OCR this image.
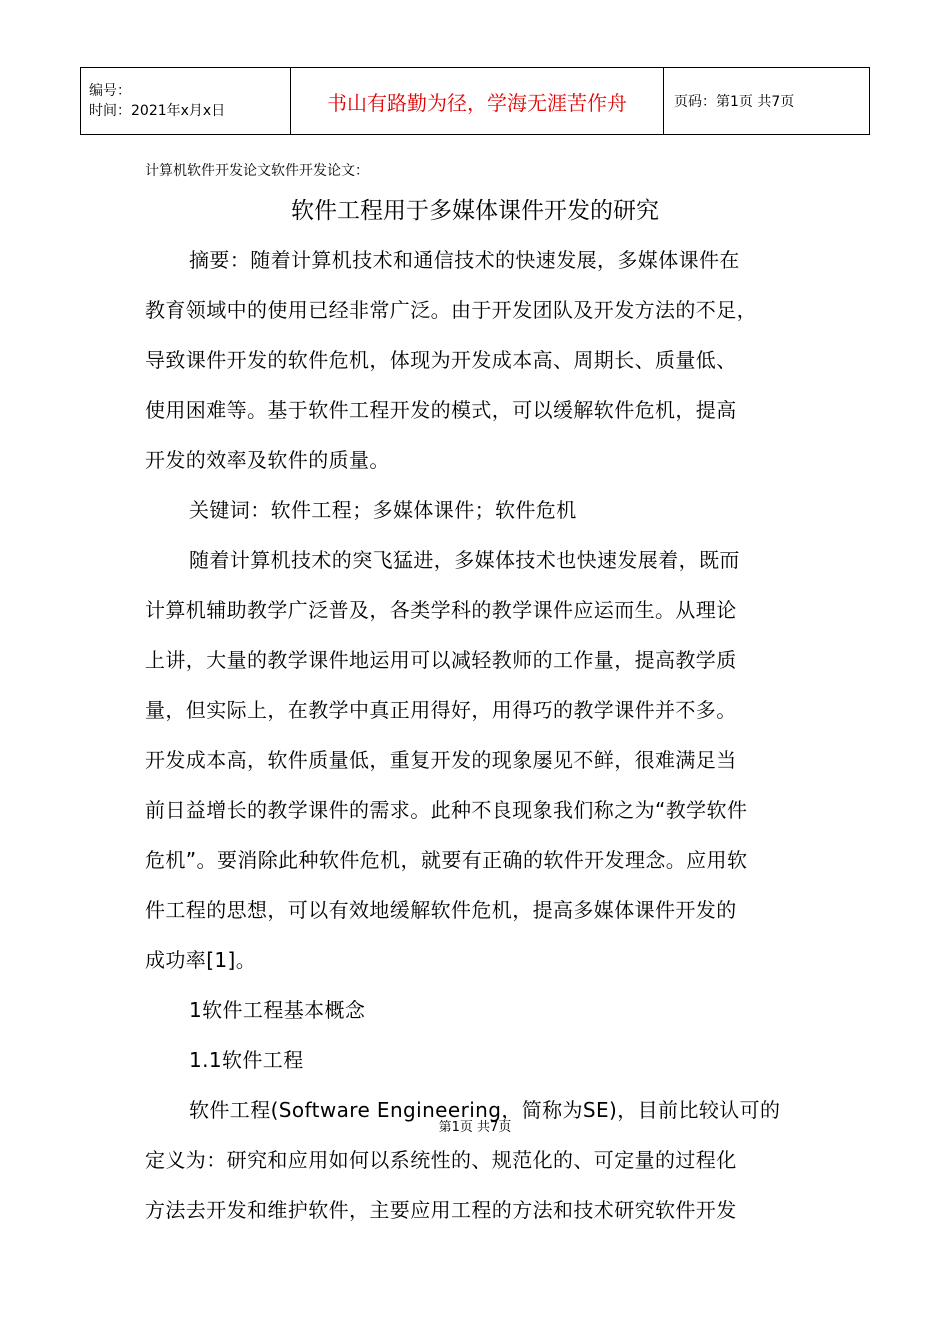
编号：
时间：2021年x月x日	书山有路勤为径，学海无涯苦作舟	页码：第1页 共7页
计算机软件开发论文软件开发论文：
软件工程用于多媒体课件开发的研究
摘要：随着计算机技术和通信技术的快速发展，多媒体课件在
教育领域中的使用已经非常广泛。由于开发团队及开发方法的不足，
导致课件开发的软件危机，体现为开发成本高、周期长、质量低、
使用困难等。基于软件工程开发的模式，可以缓解软件危机，提高
开发的效率及软件的质量。
关键词：软件工程；多媒体课件；软件危机
随着计算机技术的突飞猛进，多媒体技术也快速发展着，既而
计算机辅助教学广泛普及，各类学科的教学课件应运而生。从理论
上讲，大量的教学课件地运用可以减轻教师的工作量，提高教学质
量，但实际上，在教学中真正用得好，用得巧的教学课件并不多。
开发成本高，软件质量低，重复开发的现象屡见不鲜，很难满足当
前日益增长的教学课件的需求。此种不良现象我们称之为“教学软件
危机”。要消除此种软件危机，就要有正确的软件开发理念。应用软
件工程的思想，可以有效地缓解软件危机，提高多媒体课件开发的
成功率[1]。
1软件工程基本概念
1.1软件工程
软件工程(Software Engineering，简称为SE)，目前比较认可的
第1页 共7页
定义为：研究和应用如何以系统性的、规范化的、可定量的过程化
方法去开发和维护软件，主要应用工程的方法和技术研究软件开发
